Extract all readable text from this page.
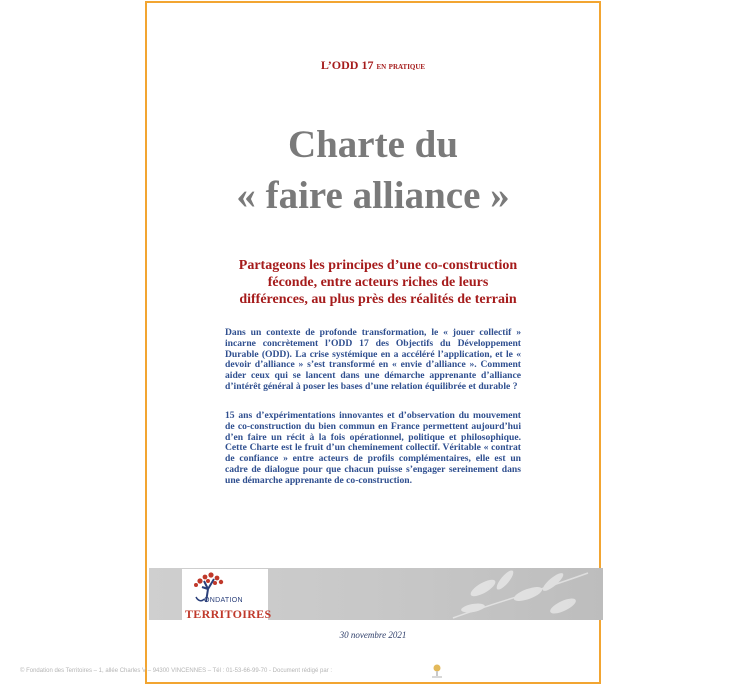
L’ODD 17 en pratique
Charte du
« faire alliance »
Partageons les principes d’une co-construction
féconde, entre acteurs riches de leurs
différences, au plus près des réalités de terrain

Dans un contexte de profonde transformation, le « jouer collectif » incarne concrètement l’ODD 17 des Objectifs du Développement Durable (ODD). La crise systémique en a accéléré l’application, et le « devoir d’alliance » s’est transformé en « envie d’alliance ». Comment aider ceux qui se lancent dans une démarche apprenante d’alliance d’intérêt général à poser les bases d’une relation équilibrée et durable ?

15 ans d’expérimentations innovantes et d’observation du mouvement de co-construction du bien commun en France permettent aujourd’hui d’en faire un récit à la fois opérationnel, politique et philosophique. Cette Charte est le fruit d’un cheminement collectif. Véritable « contrat de confiance » entre acteurs de profils complémentaires, elle est un cadre de dialogue pour que chacun puisse s’engager sereinement dans une démarche apprenante de co-construction.

ONDATION
TERRITOIRES
30 novembre 2021
© Fondation des Territoires – 1, allée Charles V – 94300 VINCENNES – Tél : 01-53-66-99-70 - Document rédigé par :
